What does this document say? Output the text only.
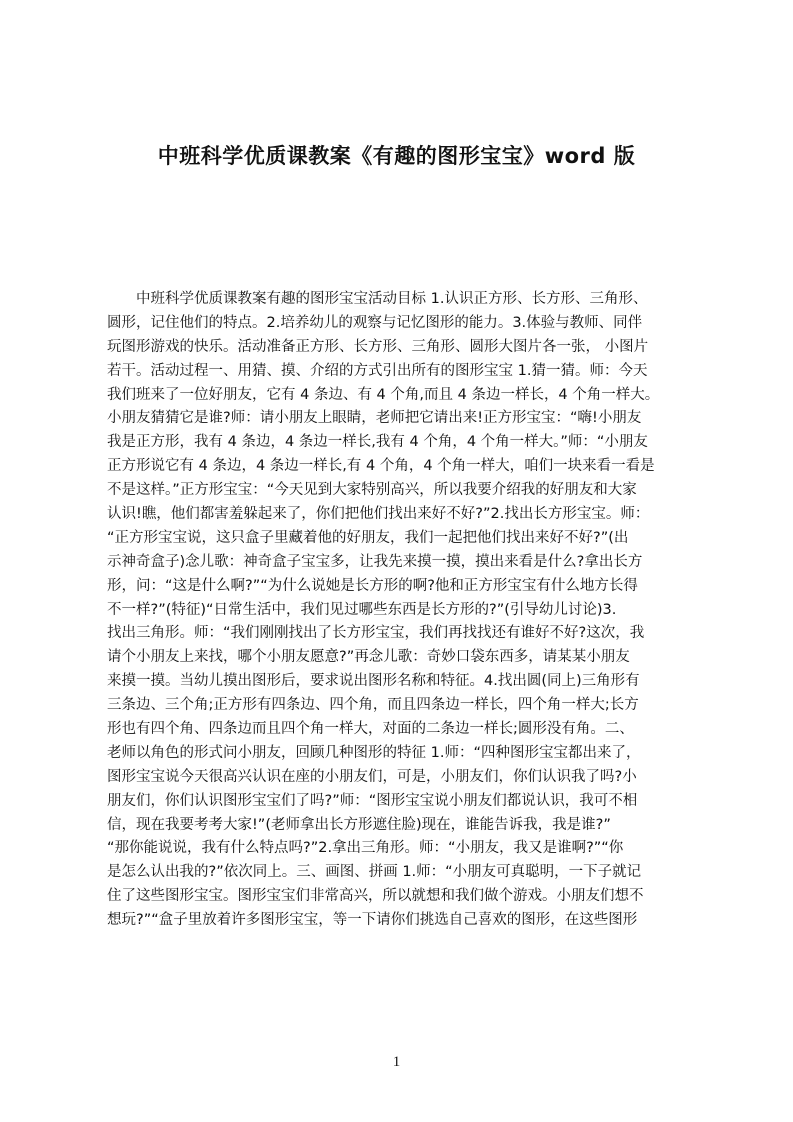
中班科学优质课教案《有趣的图形宝宝》word 版
　　中班科学优质课教案有趣的图形宝宝活动目标 1.认识正方形、长方形、三角形、
圆形，记住他们的特点。2.培养幼儿的观察与记忆图形的能力。3.体验与教师、同伴
玩图形游戏的快乐。活动准备正方形、长方形、三角形、圆形大图片各一张， 小图片
若干。活动过程一、用猜、摸、介绍的方式引出所有的图形宝宝 1.猜一猜。师：今天
我们班来了一位好朋友，它有 4 条边、有 4 个角,而且 4 条边一样长，4 个角一样大。
小朋友猜猜它是谁?师：请小朋友上眼睛，老师把它请出来!正方形宝宝：“嗨!小朋友
我是正方形，我有 4 条边，4 条边一样长,我有 4 个角，4 个角一样大。”师：“小朋友
正方形说它有 4 条边，4 条边一样长,有 4 个角，4 个角一样大，咱们一块来看一看是
不是这样。”正方形宝宝：“今天见到大家特别高兴，所以我要介绍我的好朋友和大家
认识!瞧，他们都害羞躲起来了，你们把他们找出来好不好?”2.找出长方形宝宝。师：
“正方形宝宝说，这只盒子里藏着他的好朋友，我们一起把他们找出来好不好?”(出
示神奇盒子)念儿歌：神奇盒子宝宝多，让我先来摸一摸，摸出来看是什么?拿出长方
形，问：“这是什么啊?”“为什么说她是长方形的啊?他和正方形宝宝有什么地方长得
不一样?”(特征)“日常生活中，我们见过哪些东西是长方形的?”(引导幼儿讨论)3.
找出三角形。师：“我们刚刚找出了长方形宝宝，我们再找找还有谁好不好?这次，我
请个小朋友上来找，哪个小朋友愿意?”再念儿歌：奇妙口袋东西多，请某某小朋友
来摸一摸。当幼儿摸出图形后，要求说出图形名称和特征。4.找出圆(同上)三角形有
三条边、三个角;正方形有四条边、四个角，而且四条边一样长，四个角一样大;长方
形也有四个角、四条边而且四个角一样大，对面的二条边一样长;圆形没有角。二、
老师以角色的形式问小朋友，回顾几种图形的特征 1.师：“四种图形宝宝都出来了，
图形宝宝说今天很高兴认识在座的小朋友们，可是，小朋友们，你们认识我了吗?小
朋友们，你们认识图形宝宝们了吗?”师：“图形宝宝说小朋友们都说认识，我可不相
信，现在我要考考大家!”(老师拿出长方形遮住脸)现在，谁能告诉我，我是谁?”
“那你能说说，我有什么特点吗?”2.拿出三角形。师：“小朋友，我又是谁啊?”“你
是怎么认出我的?”依次同上。三、画图、拼画 1.师：“小朋友可真聪明，一下子就记
住了这些图形宝宝。图形宝宝们非常高兴，所以就想和我们做个游戏。小朋友们想不
想玩?”“盒子里放着许多图形宝宝，等一下请你们挑选自己喜欢的图形，在这些图形
1
